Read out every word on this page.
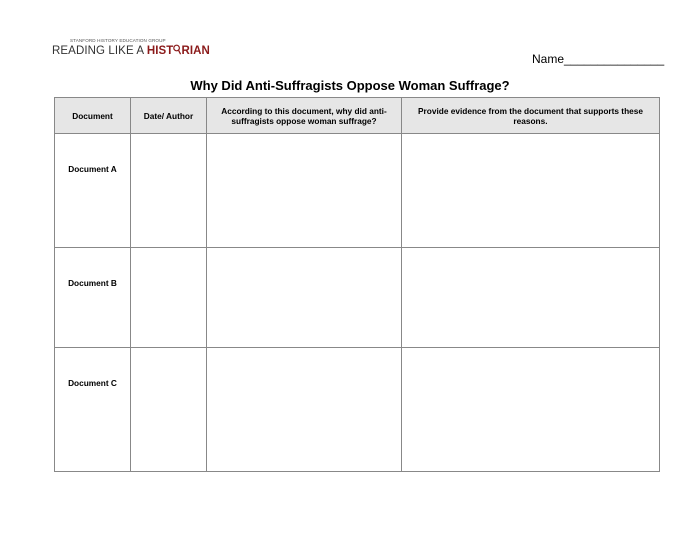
STANFORD HISTORY EDUCATION GROUP
READING LIKE A HIST RIAN
Name_______________
Why Did Anti-Suffragists Oppose Woman Suffrage?
Document	Date/ Author	According to this document, why did anti-suffragists oppose woman suffrage?	Provide evidence from the document that supports these reasons.

Document A			

Document B			

Document C			
